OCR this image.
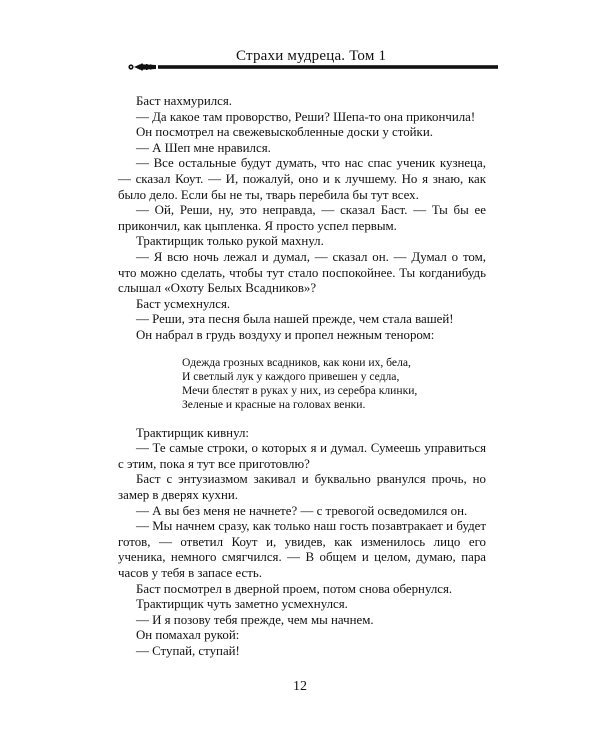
Страхи мудреца. Том 1

Баст нахмурился.

— Да какое там проворство, Реши? Шепа-то она прикончила!

Он посмотрел на свежевыскобленные доски у стойки.

— А Шеп мне нравился.

— Все остальные будут думать, что нас спас ученик кузнеца, — сказал Коут. — И, пожалуй, оно и к лучшему. Но я знаю, как было дело. Если бы не ты, тварь перебила бы тут всех.

— Ой, Реши, ну, это неправда, — сказал Баст. — Ты бы ее прикончил, как цыпленка. Я просто успел первым.

Трактирщик только рукой махнул.

— Я всю ночь лежал и думал, — сказал он. — Думал о том, что можно сделать, чтобы тут стало поспокойнее. Ты когданибудь слышал «Охоту Белых Всадников»?

Баст усмехнулся.

— Реши, эта песня была нашей прежде, чем стала вашей!

Он набрал в грудь воздуху и пропел нежным тенором:

Одежда грозных всадников, как кони их, бела,
И светлый лук у каждого привешен у седла,
Мечи блестят в руках у них, из серебра клинки,
Зеленые и красные на головах венки.

Трактирщик кивнул:

— Те самые строки, о которых я и думал. Сумеешь управиться с этим, пока я тут все приготовлю?

Баст с энтузиазмом закивал и буквально рванулся прочь, но замер в дверях кухни.

— А вы без меня не начнете? — с тревогой осведомился он.

— Мы начнем сразу, как только наш гость позавтракает и будет готов, — ответил Коут и, увидев, как изменилось лицо его ученика, немного смягчился. — В общем и целом, думаю, пара часов у тебя в запасе есть.

Баст посмотрел в дверной проем, потом снова обернулся.

Трактирщик чуть заметно усмехнулся.

— И я позову тебя прежде, чем мы начнем.

Он помахал рукой:

— Ступай, ступай!

12
